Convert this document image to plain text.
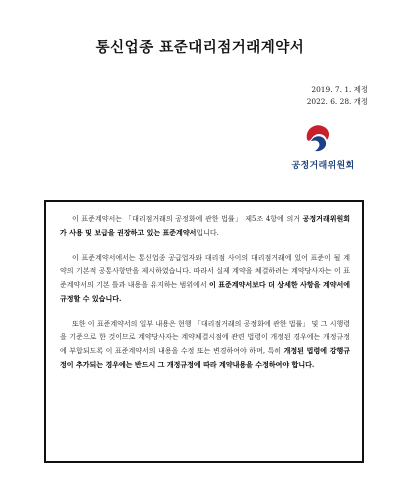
통신업종 표준대리점거래계약서
2019. 7. 1. 제정
2022. 6. 28. 개정
공정거래위원회

이 표준계약서는 「대리점거래의 공정화에 관한 법률」 제5조 4항에 의거 공정거래위원회가 사용 및 보급을 권장하고 있는 표준계약서입니다.

이 표준계약서에서는 통신업종 공급업자와 대리점 사이의 대리점거래에 있어 표준이 될 계약의 기본적 공통사항만을 제시하였습니다. 따라서 실제 계약을 체결하려는 계약당사자는 이 표준계약서의 기본 틀과 내용을 유지하는 범위에서 이 표준계약서보다 더 상세한 사항을 계약서에 규정할 수 있습니다.

또한 이 표준계약서의 일부 내용은 현행 「대리점거래의 공정화에 관한 법률」 및 그 시행령을 기준으로 한 것이므로 계약당사자는 계약체결시점에 관련 법령이 개정된 경우에는 개정규정에 부합되도록 이 표준계약서의 내용을 수정 또는 변경하여야 하며, 특히 개정된 법령에 강행규정이 추가되는 경우에는 반드시 그 개정규정에 따라 계약내용을 수정하여야 합니다.
